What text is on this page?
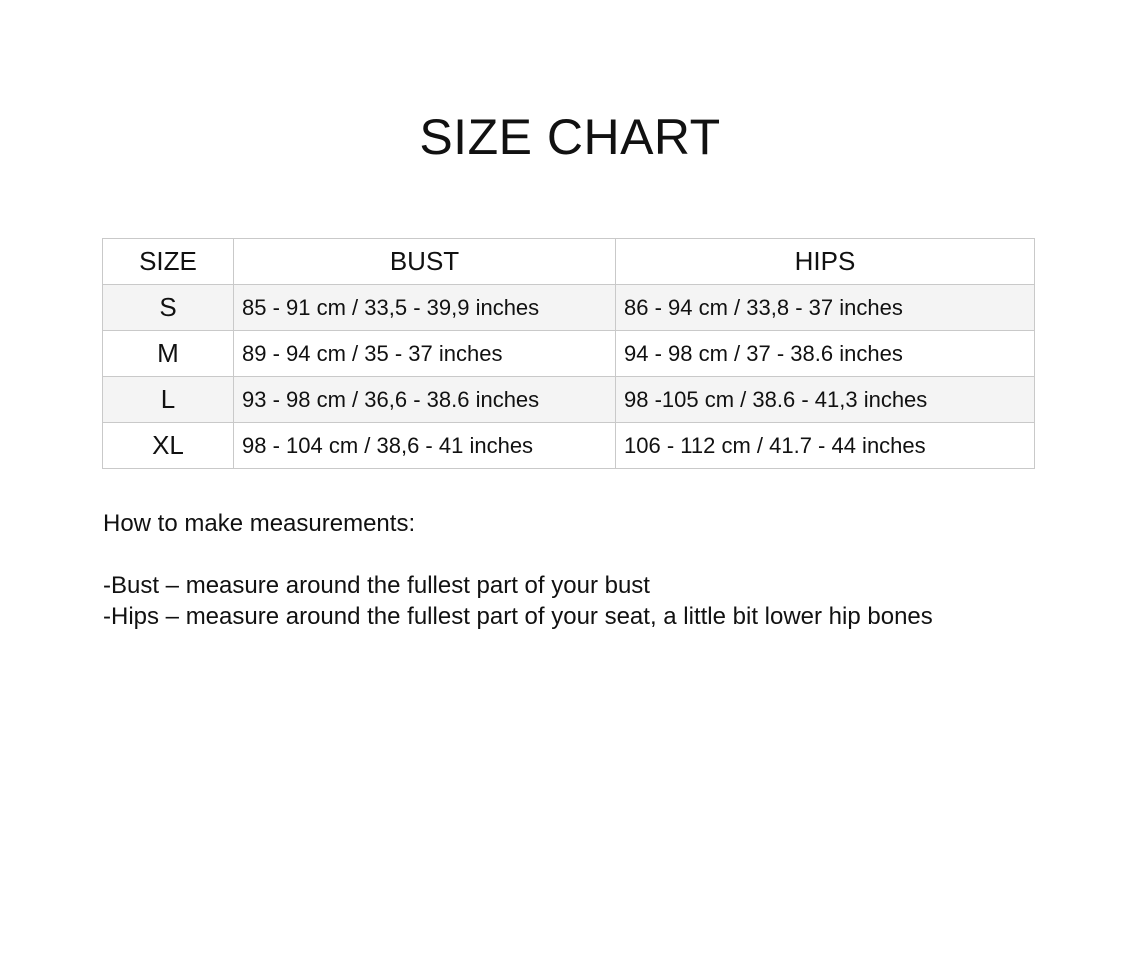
SIZE CHART
SIZE	BUST	HIPS
S	85 - 91 cm / 33,5 - 39,9 inches	86 - 94 cm / 33,8 - 37 inches
M	89 - 94 cm / 35 - 37 inches	94 - 98 cm / 37 - 38.6 inches
L	93 - 98 cm / 36,6 - 38.6 inches	98 -105 cm / 38.6 - 41,3 inches
XL	98 - 104 cm / 38,6 - 41 inches	106 - 112 cm / 41.7 - 44 inches
How to make measurements:
-Bust – measure around the fullest part of your bust
-Hips – measure around the fullest part of your seat, a little bit lower hip bones
